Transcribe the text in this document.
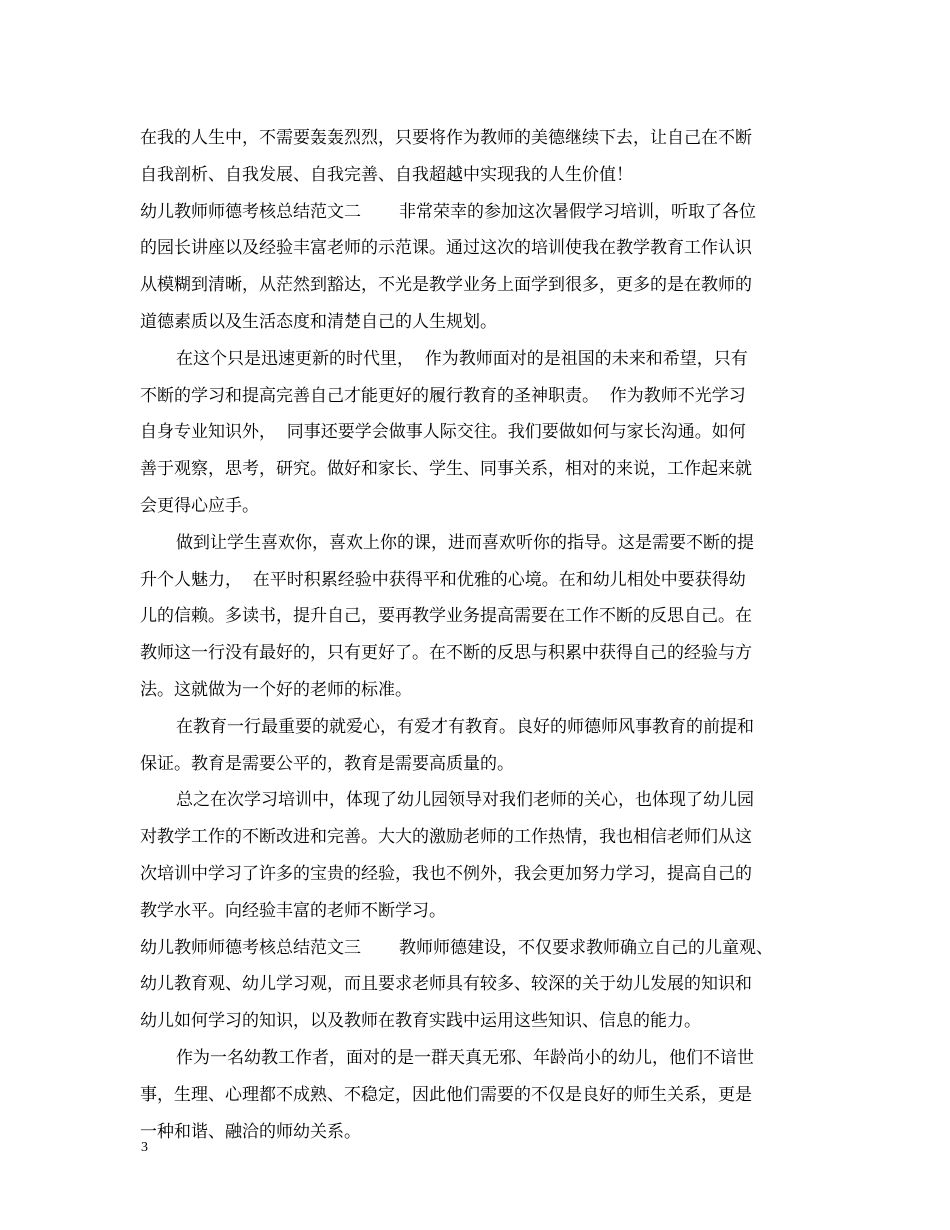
在我的人生中，不需要轰轰烈烈，只要将作为教师的美德继续下去，让自己在不断
自我剖析、自我发展、自我完善、自我超越中实现我的人生价值！
幼儿教师师德考核总结范文二 非常荣幸的参加这次暑假学习培训，听取了各位
的园长讲座以及经验丰富老师的示范课。通过这次的培训使我在教学教育工作认识
从模糊到清晰，从茫然到豁达，不光是教学业务上面学到很多，更多的是在教师的
道德素质以及生活态度和清楚自己的人生规划。
在这个只是迅速更新的时代里，  作为教师面对的是祖国的未来和希望，只有
不断的学习和提高完善自己才能更好的履行教育的圣神职责。  作为教师不光学习
自身专业知识外，  同事还要学会做事人际交往。我们要做如何与家长沟通。如何
善于观察，思考，研究。做好和家长、学生、同事关系，相对的来说，工作起来就
会更得心应手。
做到让学生喜欢你，喜欢上你的课，进而喜欢听你的指导。这是需要不断的提
升个人魅力，  在平时积累经验中获得平和优雅的心境。在和幼儿相处中要获得幼
儿的信赖。多读书，提升自己，要再教学业务提高需要在工作不断的反思自己。在
教师这一行没有最好的，只有更好了。在不断的反思与积累中获得自己的经验与方
法。这就做为一个好的老师的标准。
在教育一行最重要的就爱心，有爱才有教育。良好的师德师风事教育的前提和
保证。教育是需要公平的，教育是需要高质量的。
总之在次学习培训中，体现了幼儿园领导对我们老师的关心，也体现了幼儿园
对教学工作的不断改进和完善。大大的激励老师的工作热情，我也相信老师们从这
次培训中学习了许多的宝贵的经验，我也不例外，我会更加努力学习，提高自己的
教学水平。向经验丰富的老师不断学习。
幼儿教师师德考核总结范文三 教师师德建设，不仅要求教师确立自己的儿童观、
幼儿教育观、幼儿学习观，而且要求老师具有较多、较深的关于幼儿发展的知识和
幼儿如何学习的知识，以及教师在教育实践中运用这些知识、信息的能力。
作为一名幼教工作者，面对的是一群天真无邪、年龄尚小的幼儿，他们不谙世
事，生理、心理都不成熟、不稳定，因此他们需要的不仅是良好的师生关系，更是
一种和谐、融洽的师幼关系。
3
